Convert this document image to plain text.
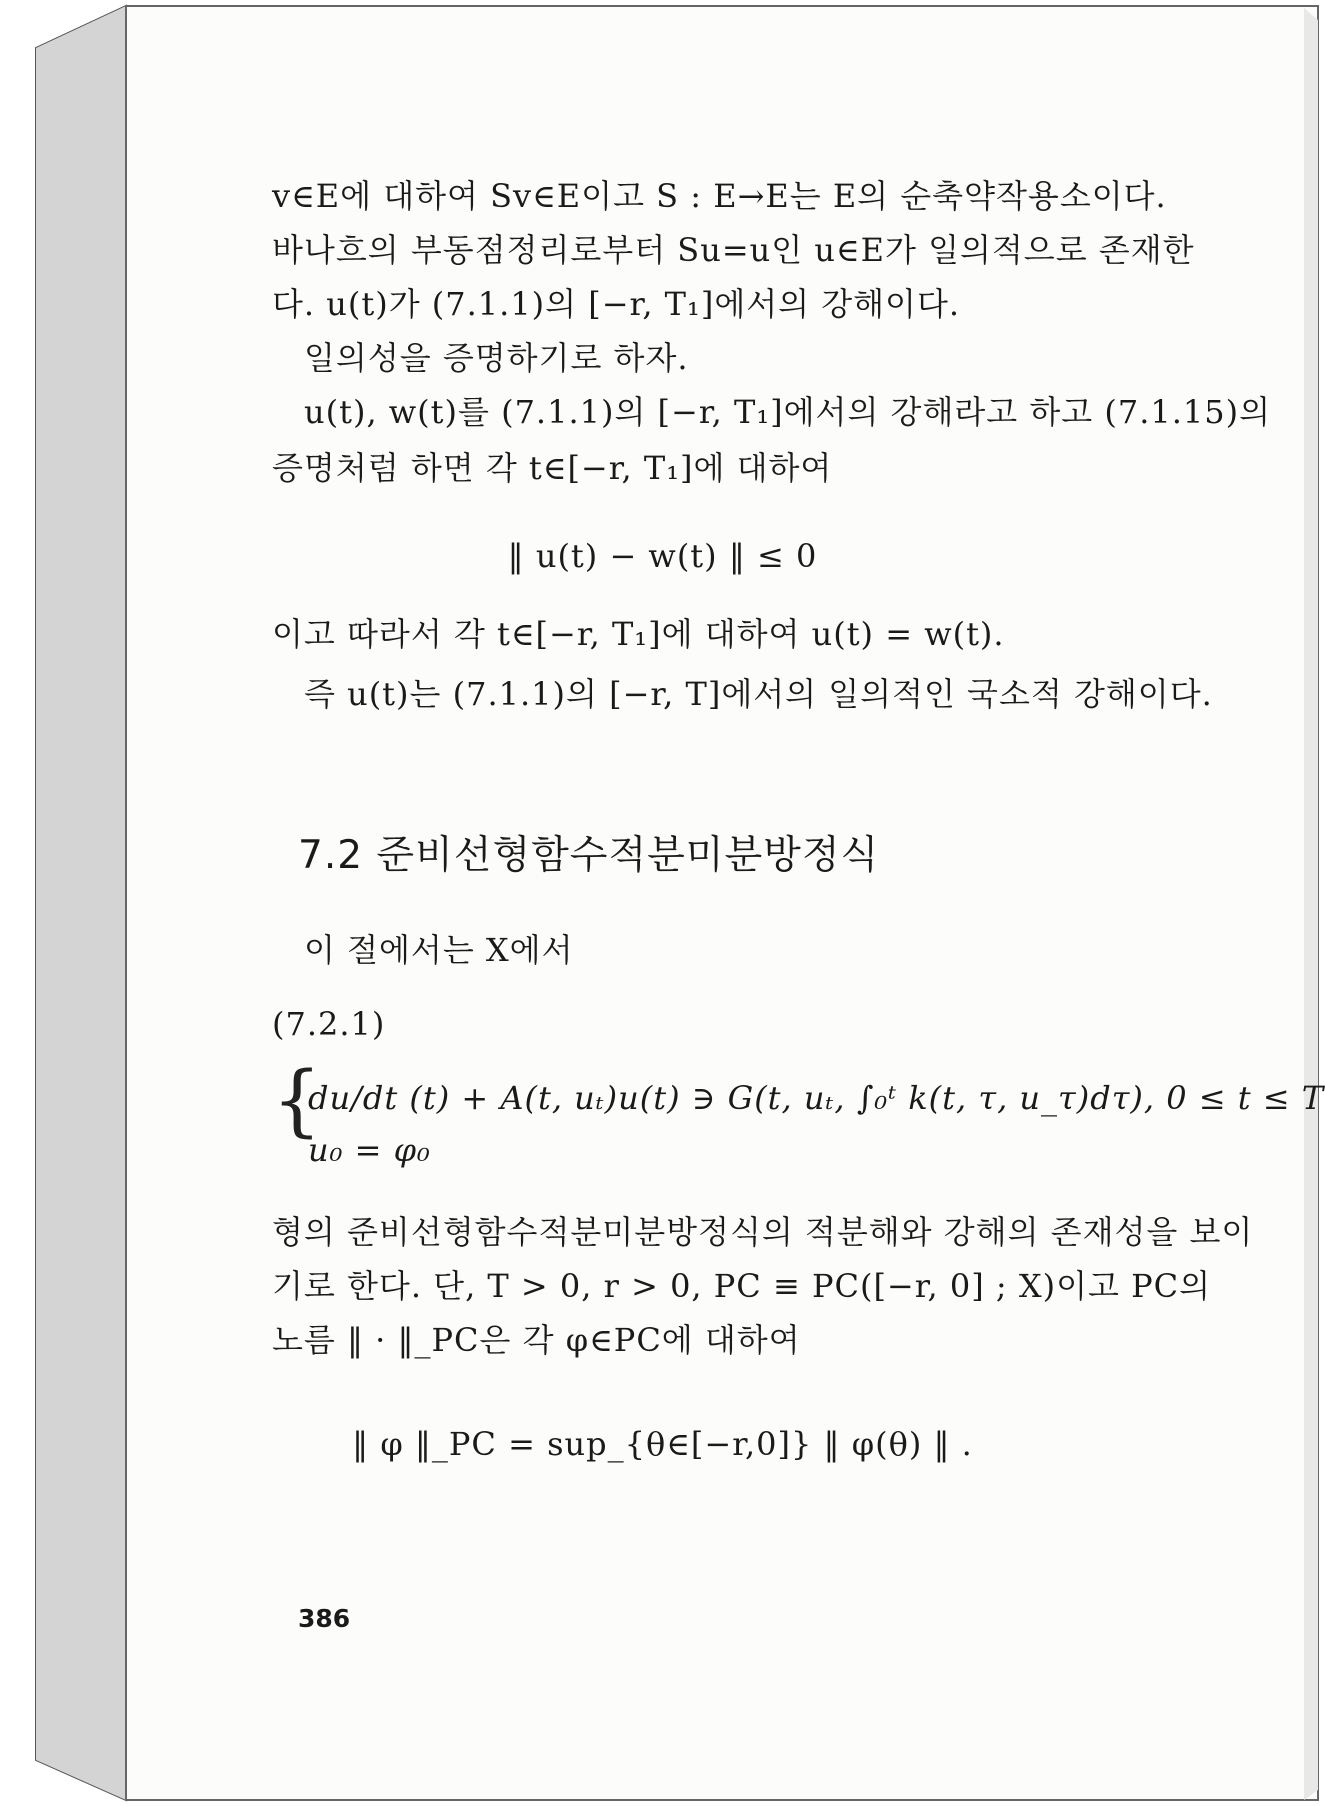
v∈E에 대하여 Sv∈E이고 S : E→E는 E의 순축약작용소이다.
바나흐의 부동점정리로부터 Su=u인 u∈E가 일의적으로 존재한
다. u(t)가 (7.1.1)의 [−r, T₁]에서의 강해이다.
일의성을 증명하기로 하자.
u(t), w(t)를 (7.1.1)의 [−r, T₁]에서의 강해라고 하고 (7.1.15)의
증명처럼 하면 각 t∈[−r, T₁]에 대하여
‖ u(t) − w(t) ‖ ≤ 0
이고 따라서 각 t∈[−r, T₁]에 대하여 u(t) = w(t).
즉 u(t)는 (7.1.1)의 [−r, T]에서의 일의적인 국소적 강해이다.
7.2 준비선형함수적분미분방정식
이 절에서는 X에서
(7.2.1)
{
du/dt (t) + A(t, uₜ)u(t) ∋ G(t, uₜ, ∫₀ᵗ k(t, τ, u_τ)dτ), 0 ≤ t ≤ T
u₀ = φ₀
형의 준비선형함수적분미분방정식의 적분해와 강해의 존재성을 보이
기로 한다. 단, T > 0, r > 0, PC ≡ PC([−r, 0] ; X)이고 PC의
노름 ‖ · ‖_PC은 각 φ∈PC에 대하여
‖ φ ‖_PC = sup_{θ∈[−r,0]} ‖ φ(θ) ‖ .
386
